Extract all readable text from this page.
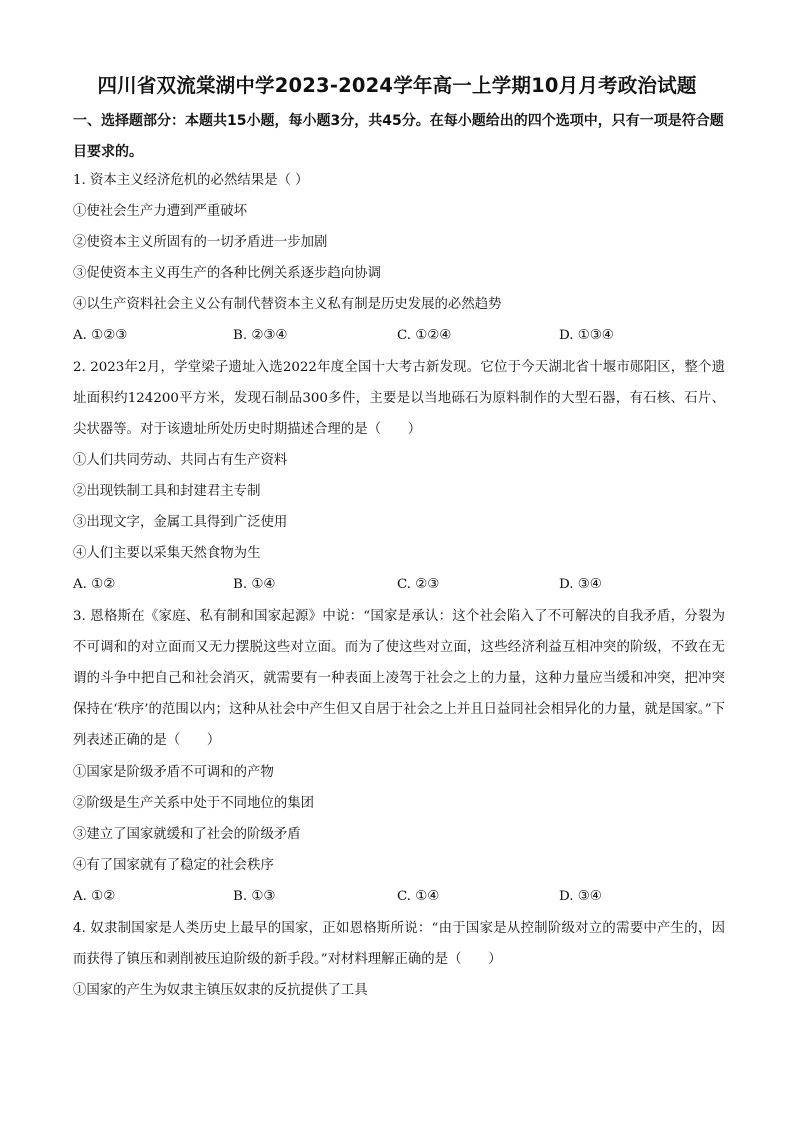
四川省双流棠湖中学2023-2024学年高一上学期10月月考政治试题
一、选择题部分：本题共15小题，每小题3分，共45分。在每小题给出的四个选项中，只有一项是符合题目要求的。
1. 资本主义经济危机的必然结果是（ ）
①使社会生产力遭到严重破坏
②使资本主义所固有的一切矛盾进一步加剧
③促使资本主义再生产的各种比例关系逐步趋向协调
④以生产资料社会主义公有制代替资本主义私有制是历史发展的必然趋势
A. ①②③	B. ②③④	C. ①②④	D. ①③④
2. 2023年2月，学堂梁子遗址入选2022年度全国十大考古新发现。它位于今天湖北省十堰市郧阳区，整个遗址面积约124200平方米，发现石制品300多件，主要是以当地砾石为原料制作的大型石器，有石核、石片、尖状器等。对于该遗址所处历史时期描述合理的是（　　）
①人们共同劳动、共同占有生产资料
②出现铁制工具和封建君主专制
③出现文字，金属工具得到广泛使用
④人们主要以采集天然食物为生
A. ①②	B. ①④	C. ②③	D. ③④
3. 恩格斯在《家庭、私有制和国家起源》中说：“国家是承认：这个社会陷入了不可解决的自我矛盾，分裂为不可调和的对立面而又无力摆脱这些对立面。而为了使这些对立面，这些经济利益互相冲突的阶级，不致在无谓的斗争中把自己和社会消灭，就需要有一种表面上凌驾于社会之上的力量，这种力量应当缓和冲突，把冲突保持在‘秩序’的范围以内；这种从社会中产生但又自居于社会之上并且日益同社会相异化的力量，就是国家。”下列表述正确的是（　　）
①国家是阶级矛盾不可调和的产物
②阶级是生产关系中处于不同地位的集团
③建立了国家就缓和了社会的阶级矛盾
④有了国家就有了稳定的社会秩序
A. ①②	B. ①③	C. ①④	D. ③④
4. 奴隶制国家是人类历史上最早的国家，正如恩格斯所说：“由于国家是从控制阶级对立的需要中产生的，因而获得了镇压和剥削被压迫阶级的新手段。”对材料理解正确的是（　　）
①国家的产生为奴隶主镇压奴隶的反抗提供了工具
